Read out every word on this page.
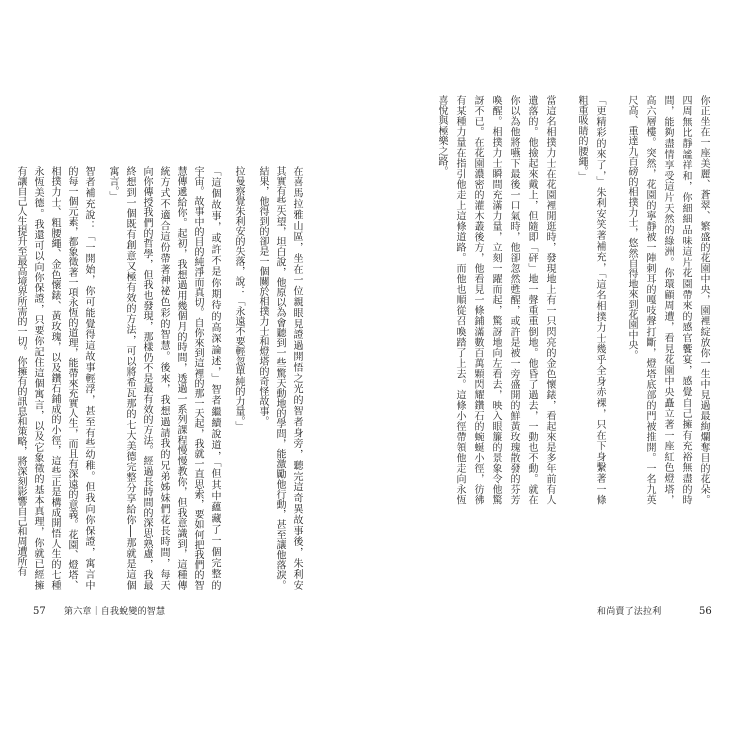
在喜馬拉雅山區，坐在一位親眼見證過開悟之光的智者身旁，聽完這奇異故事後，朱利安
其實有些失望，坦白說，他原以為會聽到一些驚天動地的學問，能激勵他行動，甚至讓他落淚。
結果，他得到的卻是一個關於相撲力士和燈塔的奇怪故事。
拉曼察覺朱利安的失落，說：「永遠不要輕忽單純的力量。」
「這個故事，或許不是你期待的高深論述，」智者繼續說道，「但其中蘊藏了一個完整的
宇宙。故事中的目的純淨而真切。自你來到這裡的那一天起，我就一直思索，要如何把我們的智
慧傳遞給你。起初，我想過用幾個月的時間，透過一系列課程慢慢教你，但我意識到，這種傳
統方式不適合這份帶著神祕色彩的智慧。後來，我想過請我的兄弟姊妹們花長時間，每天
向你傳授我們的哲學，但我也發現，那樣仍不是最有效的方法。經過長時間的深思熟慮，我最
終想到一個既有創意又極有效的方法，可以將希瓦那的七大美德完整分享給你──那就是這個
寓言。」
智者補充說：「一開始，你可能覺得這故事輕浮，甚至有些幼稚。但我向你保證，寓言中
的每一個元素，都象徵著一項永恆的道理，能帶來充實人生，而且有深遠的意義。花園、燈塔、
相撲力士、粗腰繩、金色懷錶、黃玫瑰，以及鑽石鋪成的小徑，這些正是構成開悟人生的七種
永恆美德。我還可以向你保證，只要你記住這個寓言，以及它象徵的基本真理，你就已經擁
有讓自己人生提升至最高境界所需的一切。你擁有的訊息和策略，將深刻影響自己和周遭所有
57 第六章｜自我蛻變的智慧
你正坐在一座美麗、蒼翠、繁盛的花園中央，園裡綻放你一生中見過最絢爛奪目的花朵。
四周無比靜謐祥和，你細細品味這片花園帶來的感官饗宴，感覺自己擁有充裕無盡的時
間，能夠盡情享受這片天然的綠洲。你環顧周遭，看見花園中央矗立著一座紅色燈塔，
高六層樓。突然，花園的寧靜被一陣刺耳的嘎吱聲打斷，燈塔底部的門被推開。一名九英
尺高、重達九百磅的相撲力士，悠然自得地來到花園中央。
「更精彩的來了，」朱利安笑著補充，「這名相撲力士幾乎全身赤裸，只在下身繫著一條
粗重吸睛的腰繩。」
當這名相撲力士在花園裡閒逛時，發現地上有一只閃亮的金色懷錶，看起來是多年前有人
遺落的。他撿起來戴上，但隨即「砰」地一聲重重倒地。他昏了過去，一動也不動。就在
你以為他將嚥下最後一口氣時，他卻忽然甦醒，或許是被一旁盛開的鮮黃玫瑰散發的芬芳
喚醒。相撲力士瞬間充滿力量，立刻一躍而起，驚訝地向左看去，映入眼簾的景象令他驚
訝不已。在花園濃密的灌木叢後方，他看見一條鋪滿數百萬顆閃耀鑽石的蜿蜒小徑，彷彿
有某種力量在指引他走上這條道路。而他也順從召喚踏了上去。這條小徑帶領他走向永恆
喜悅與極樂之路。
和尚賣了法拉利	56
